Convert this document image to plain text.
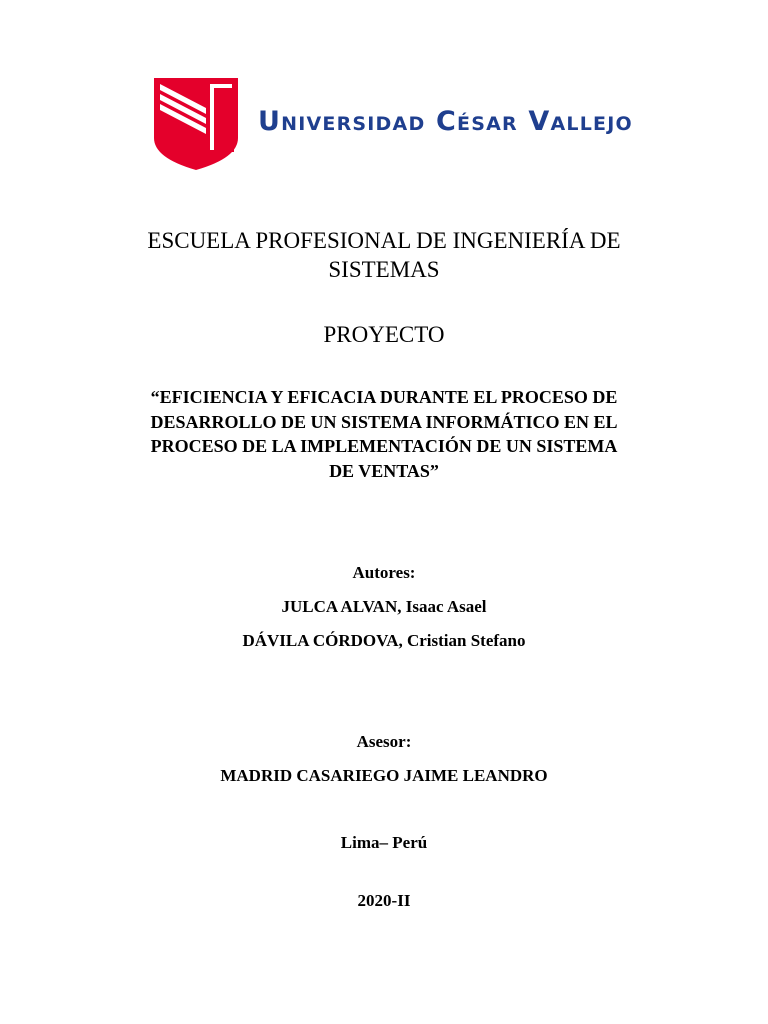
Universidad César Vallejo
ESCUELA PROFESIONAL DE INGENIERÍA DE
SISTEMAS
PROYECTO
“EFICIENCIA Y EFICACIA DURANTE EL PROCESO DE
DESARROLLO DE UN SISTEMA INFORMÁTICO EN EL
PROCESO DE LA IMPLEMENTACIÓN DE UN SISTEMA
DE VENTAS”
Autores:
JULCA ALVAN, Isaac Asael
DÁVILA CÓRDOVA, Cristian Stefano
Asesor:
MADRID CASARIEGO JAIME LEANDRO
Lima– Perú
2020-II
